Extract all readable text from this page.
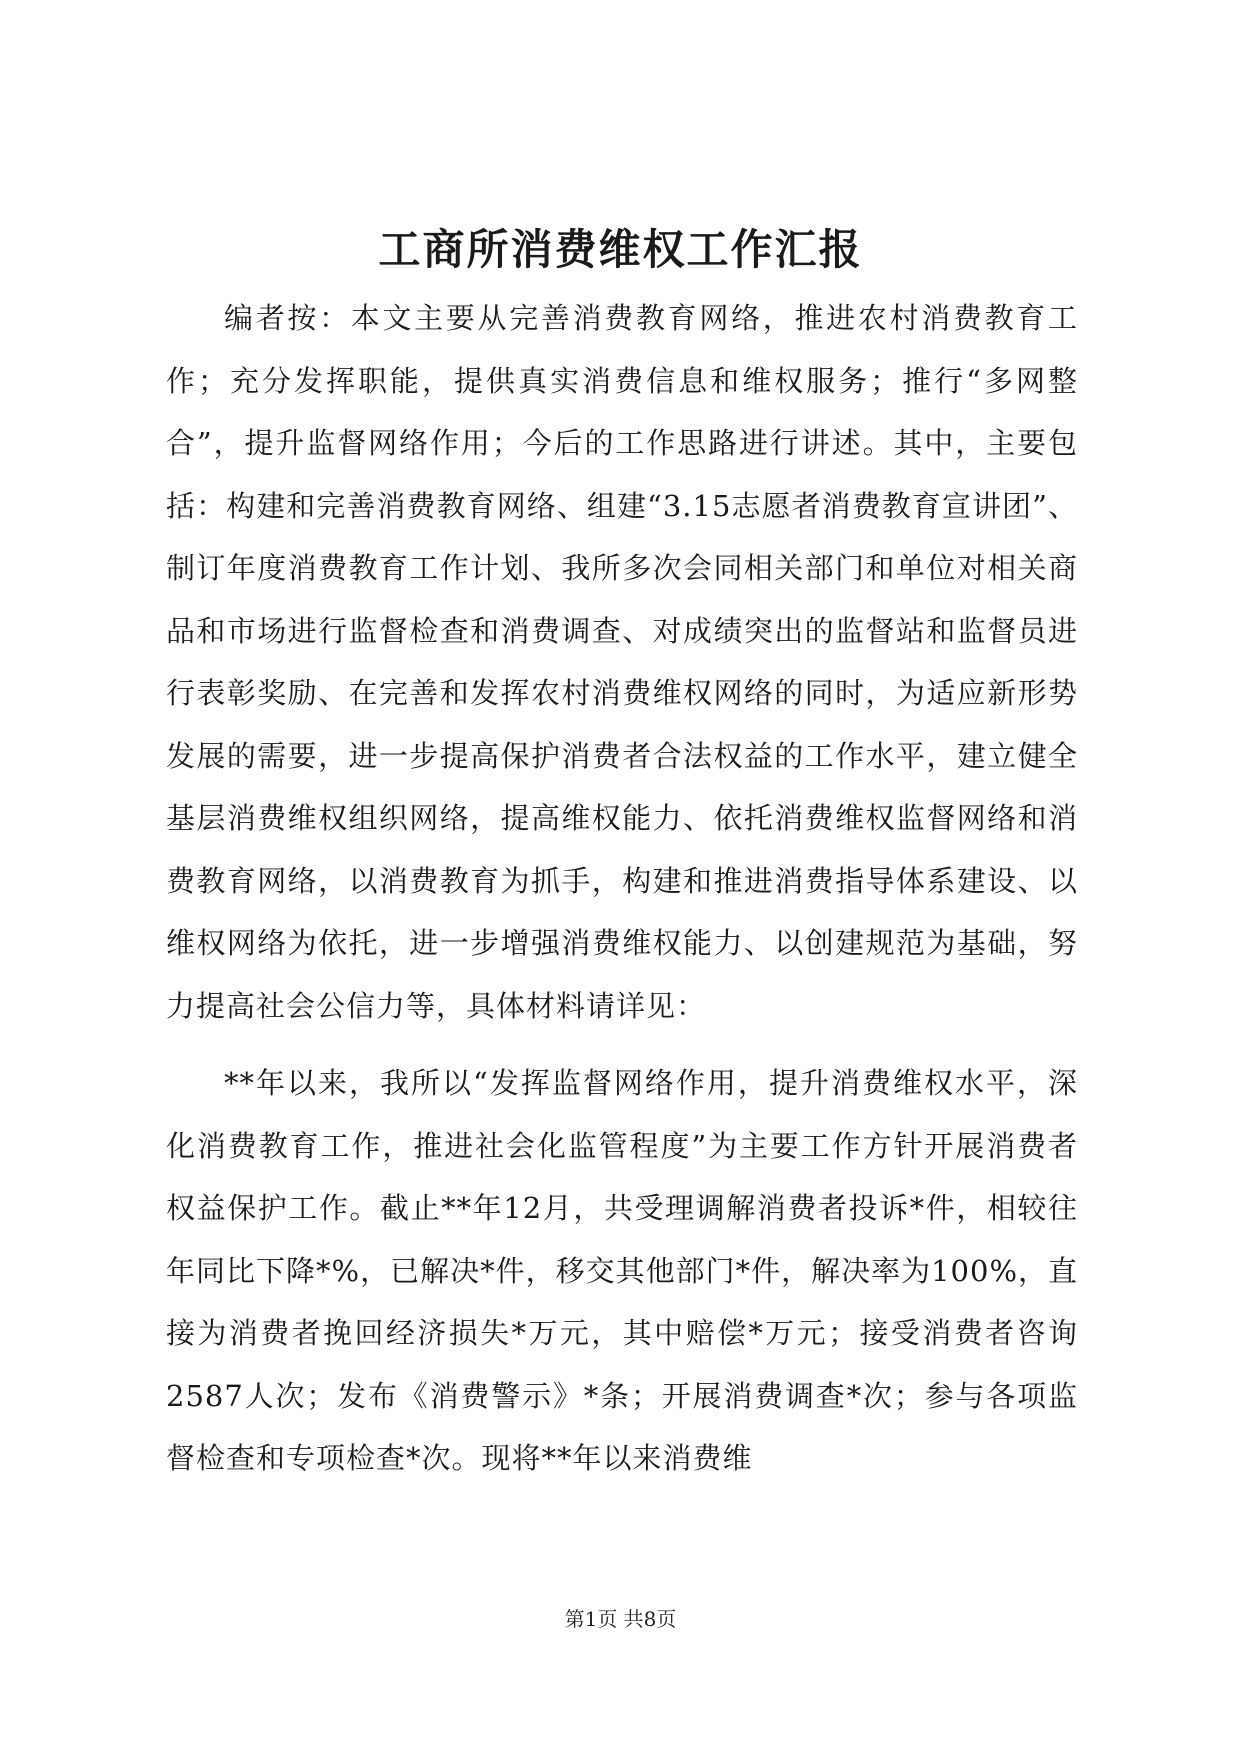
工商所消费维权工作汇报

编者按：本文主要从完善消费教育网络，推进农村消费教育工作；充分发挥职能，提供真实消费信息和维权服务；推行“多网整合”，提升监督网络作用；今后的工作思路进行讲述。其中，主要包括：构建和完善消费教育网络、组建“3.15志愿者消费教育宣讲团”、制订年度消费教育工作计划、我所多次会同相关部门和单位对相关商品和市场进行监督检查和消费调查、对成绩突出的监督站和监督员进行表彰奖励、在完善和发挥农村消费维权网络的同时，为适应新形势发展的需要，进一步提高保护消费者合法权益的工作水平，建立健全基层消费维权组织网络，提高维权能力、依托消费维权监督网络和消费教育网络，以消费教育为抓手，构建和推进消费指导体系建设、以维权网络为依托，进一步增强消费维权能力、以创建规范为基础，努力提高社会公信力等，具体材料请详见：

**年以来，我所以“发挥监督网络作用，提升消费维权水平，深化消费教育工作，推进社会化监管程度”为主要工作方针开展消费者权益保护工作。截止**年12月，共受理调解消费者投诉*件，相较往年同比下降*%，已解决*件，移交其他部门*件，解决率为100%，直接为消费者挽回经济损失*万元，其中赔偿*万元；接受消费者咨询2587人次；发布《消费警示》*条；开展消费调查*次；参与各项监督检查和专项检查*次。现将**年以来消费维

第1页 共8页
